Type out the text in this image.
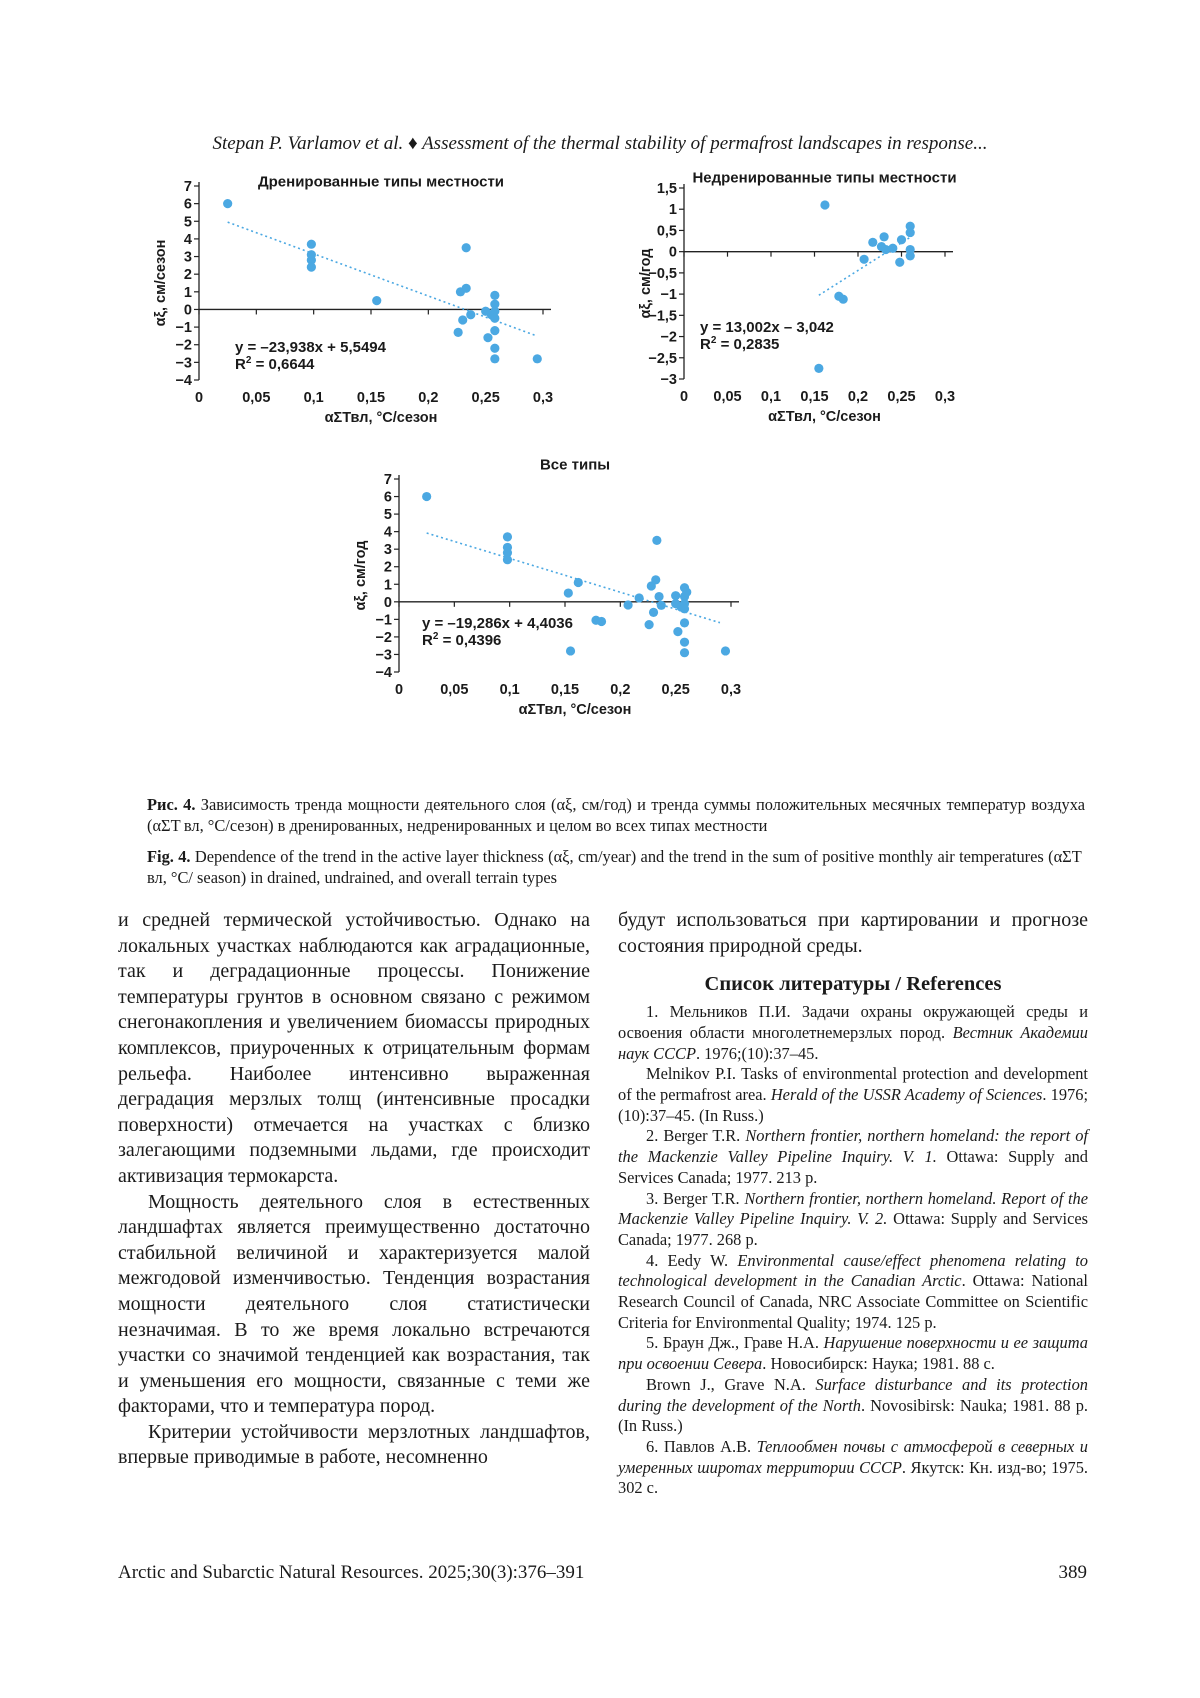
Stepan P. Varlamov et al. ♦ Assessment of the thermal stability of permafrost landscapes in response...
Дренированные типы местности
7
6
5
4
3
2
1
0
−1
−2
−3
−4
0	0,05 0,1 0,15 0,2 0,25 0,3
αΣТвл, °C/сезон
αξ, см/сезон
y = –23,938x + 5,5494
$R^2 = 0,6644$
Недренированные типы местности
1,5
1
0,5
0
−0,5
−1
−1,5
−2
−2,5
−3
0 0,05 0,1 0,15 0,2 0,25 0,3
αΣТвл, °C/сезон
αξ, см/год
y = 13,002x – 3,042
$R^2 = 0,2835$
Все типы
7
6
5
4
3
2
1
0
−1
−2
−3
−4
0	0,05 0,1 0,15 0,2 0,25 0,3
αΣТвл, °C/сезон
αξ, см/год
y = –19,286x + 4,4036
$R^2 = 0,4396$
Рис. 4. Зависимость тренда мощности деятельного слоя (αξ, см/год) и тренда суммы положительных месячных температур воздуха (αΣT вл, °C/сезон) в дренированных, недренированных и целом во всех типах местности
Fig. 4. Dependence of the trend in the active layer thickness (αξ, cm/year) and the trend in the sum of positive monthly air temperatures (αΣT вл, °C/ season) in drained, undrained, and overall terrain types

и средней термической устойчивостью. Однако на локальных участках наблюдаются как аградационные, так и деградационные процессы. Понижение температуры грунтов в основном связано с режимом снегонакопления и увеличением биомассы природных комплексов, приуроченных к отрицательным формам рельефа. Наиболее интенсивно выраженная деградация мерзлых толщ (интенсивные просадки поверхности) отмечается на участках с близко залегающими подземными льдами, где происходит активизация термокарста.

Мощность деятельного слоя в естественных ландшафтах является преимущественно достаточно стабильной величиной и характеризуется малой межгодовой изменчивостью. Тенденция возрастания мощности деятельного слоя статистически незначимая. В то же время локально встречаются участки со значимой тенденцией как возрастания, так и уменьшения его мощности, связанные с теми же факторами, что и температура пород.

Критерии устойчивости мерзлотных ландшафтов, впервые приводимые в работе, несомненно

будут использоваться при картировании и прогнозе состояния природной среды.

Список литературы / References

1. Мельников П.И. Задачи охраны окружающей среды и освоения области многолетнемерзлых пород. Вестник Академии наук СССР. 1976;(10):37–45.

Melnikov P.I. Tasks of environmental protection and development of the permafrost area. Herald of the USSR Academy of Sciences. 1976;(10):37–45. (In Russ.)

2. Berger T.R. Northern frontier, northern homeland: the report of the Mackenzie Valley Pipeline Inquiry. V. 1. Ottawa: Supply and Services Canada; 1977. 213 p.

3. Berger T.R. Northern frontier, northern homeland. Report of the Mackenzie Valley Pipeline Inquiry. V. 2. Ottawa: Supply and Services Canada; 1977. 268 p.

4. Eedy W. Environmental cause/effect phenomena relating to technological development in the Canadian Arctic. Ottawa: National Research Council of Canada, NRC Associate Committee on Scientific Criteria for Environmental Quality; 1974. 125 p.

5. Браун Дж., Граве Н.А. Нарушение поверхности и ее защита при освоении Севера. Новосибирск: Наука; 1981. 88 с.

Brown J., Grave N.A. Surface disturbance and its protection during the development of the North. Novosibirsk: Nauka; 1981. 88 p. (In Russ.)

6. Павлов А.В. Теплообмен почвы с атмосферой в северных и умеренных широтах территории СССР. Якутск: Кн. изд-во; 1975. 302 с.

Arctic and Subarctic Natural Resources. 2025;30(3):376–391	389
